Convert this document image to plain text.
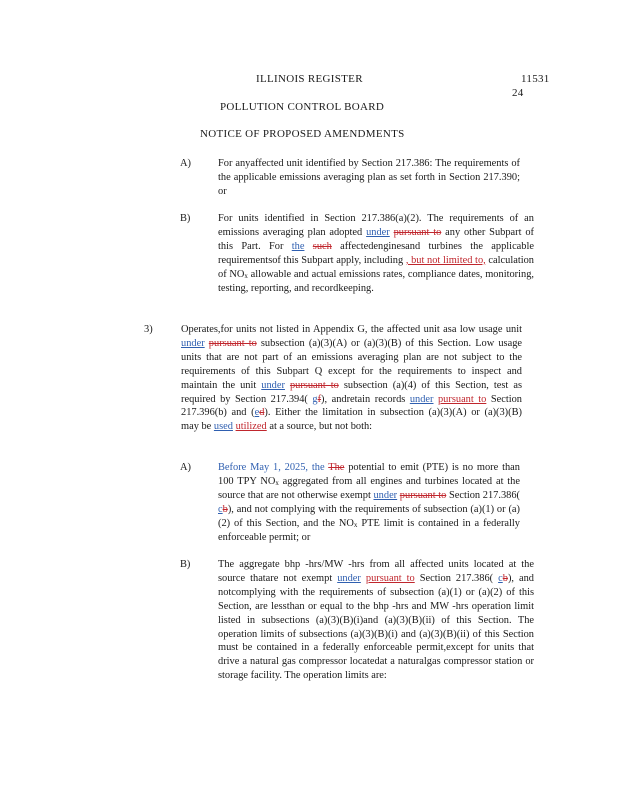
ILLINOIS REGISTER	11531
24
POLLUTION CONTROL BOARD
NOTICE OF PROPOSED AMENDMENTS
A)	For anyaffected unit identified by Section 217.386: The requirements of the applicable emissions averaging plan as set forth in Section 217.390; or
B)	For units identified in Section 217.386(a)(2). The requirements of an emissions averaging plan adopted under pursuant to any other Subpart of this Part. For the such affectedenginesand turbines the applicable requirementsof this Subpart apply, including , but not limited to, calculation of $NO_x$ allowable and actual emissions rates, compliance dates, monitoring, testing, reporting, and recordkeeping.
3)	Operates,for units not listed in Appendix G, the affected unit asa low usage unit under pursuant to subsection (a)(3)(A) or (a)(3)(B) of this Section. Low usage units that are not part of an emissions averaging plan are not subject to the requirements of this Subpart Q except for the requirements to inspect and maintain the unit under pursuant to subsection (a)(4) of this Section, test as required by Section 217.394( gf), andretain records under pursuant to Section 217.396(b) and (ed). Either the limitation in subsection (a)(3)(A) or (a)(3)(B) may be used utilized at a source, but not both:
A)	Before May 1, 2025, the The potential to emit (PTE) is no more than 100 TPY $NO_x$ aggregated from all engines and turbines located at the source that are not otherwise exempt under pursuant to Section 217.386( cb), and not complying with the requirements of subsection (a)(1) or (a)(2) of this Section, and the $NO_x$ PTE limit is contained in a federally enforceable permit; or
B)	The aggregate bhp -hrs/MW -hrs from all affected units located at the source thatare not exempt under pursuant to Section 217.386( cb), and notcomplying with the requirements of subsection (a)(1) or (a)(2) of this Section, are lessthan or equal to the bhp -hrs and MW -hrs operation limit listed in subsections (a)(3)(B)(i)and (a)(3)(B)(ii) of this Section. The operation limits of subsections (a)(3)(B)(i) and (a)(3)(B)(ii) of this Section must be contained in a federally enforceable permit,except for units that drive a natural gas compressor locatedat a naturalgas compressor station or storage facility. The operation limits are:
